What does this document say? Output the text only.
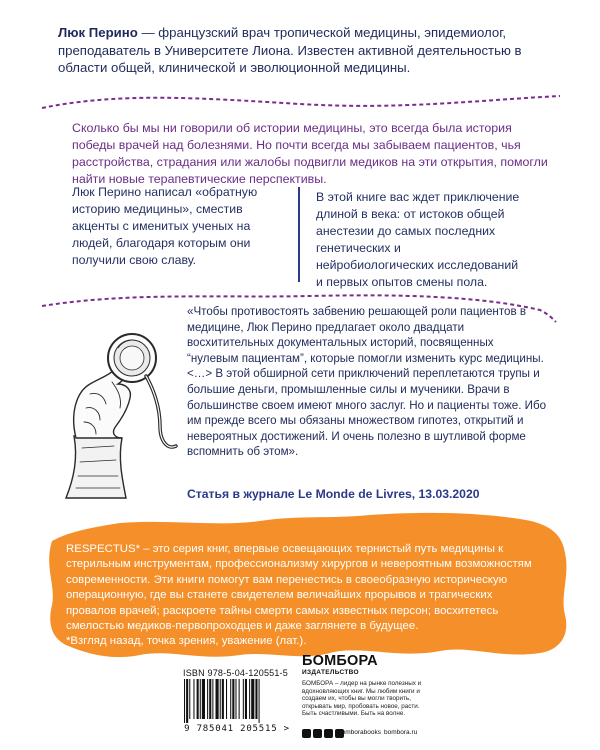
Люк Перино — французский врач тропической медицины, эпидемиолог, преподаватель в Университете Лиона. Известен активной деятельностью в области общей, клинической и эволюционной медицины.

Сколько бы мы ни говорили об истории медицины, это всегда была история победы врачей над болезнями. Но почти всегда мы забываем пациентов, чья расстройства, страдания или жалобы подвигли медиков на эти открытия, помогли найти новые терапевтические перспективы.

Люк Перино написал «обратную историю медицины», сместив акценты с именитых ученых на людей, благодаря которым они получили свою славу.

В этой книге вас ждет приключение длиной в века: от истоков общей анестезии до самых последних генетических и нейробиологических исследований и первых опытов смены пола.

«Чтобы противостоять забвению решающей роли пациентов в медицине, Люк Перино предлагает около двадцати восхитительных документальных историй, посвященных “нулевым пациентам”, которые помогли изменить курс медицины. <…> В этой обширной сети приключений переплетаются трупы и большие деньги, промышленные силы и мученики. Врачи в большинстве своем имеют много заслуг. Но и пациенты тоже. Ибо им прежде всего мы обязаны множеством гипотез, открытий и невероятных достижений. И очень полезно в шутливой форме вспомнить об этом».

Статья в журнале Le Monde de Livres, 13.03.2020

RESPECTUS* – это серия книг, впервые освещающих тернистый путь медицины к стерильным инструментам, профессионализму хирургов и невероятным возможностям современности. Эти книги помогут вам перенестись в своеобразную историческую операционную, где вы станете свидетелем величайших прорывов и трагических провалов врачей; раскроете тайны смерти самых известных персон; восхитетесь смелостью медиков-первопроходцев и даже заглянете в будущее.
*Взгляд назад, точка зрения, уважение (лат.).

ISBN 978-5-04-120551-5
9 785041 205515 >
БОМБОРА
ИЗДАТЕЛЬСТВО

БОМБОРА – лидер на рынке полезных и вдохновляющих книг. Мы любим книги и создаем их, чтобы вы могли творить, открывать мир, пробовать новое, расти. Быть счастливыми. Быть на волне.

bomborabooks bombora.ru
